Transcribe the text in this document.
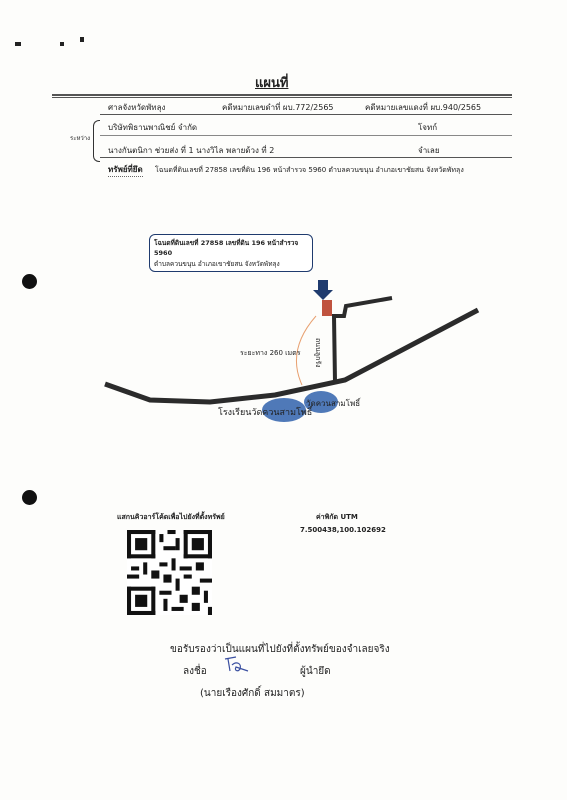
แผนที่
ศาลจังหวัดพัทลุง	คดีหมายเลขดำที่ ผบ.772/2565	คดีหมายเลขแดงที่ ผบ.940/2565
ระหว่าง
บริษัทพิธานพาณิชย์ จำกัด	โจทก์
นางกันตนิกา ช่วยส่ง ที่ 1 นางวิไล พลายด้วง ที่ 2	จำเลย
ทรัพย์ที่ยึด โฉนดที่ดินเลขที่ 27858 เลขที่ดิน 196 หน้าสำรวจ 5960 ตำบลควนขนุน อำเภอเขาชัยสน จังหวัดพัทลุง
โฉนดที่ดินเลขที่ 27858 เลขที่ดิน 196 หน้าสำรวจ 5960
ตำบลควนขนุน อำเภอเขาชัยสน จังหวัดพัทลุง
ระยะทาง 260 เมตร ถนนลูกรัง
โรงเรียนวัดควนสามโพธิ์
วัดควนสามโพธิ์
แสกนคิวอาร์โค้ดเพื่อไปยังที่ตั้งทรัพย์	ค่าพิกัด UTM
7.500438,100.102692
ขอรับรองว่าเป็นแผนที่ไปยังที่ตั้งทรัพย์ของจำเลยจริง
ลงชื่อ	ผู้นำยึด
(นายเรืองศักดิ์ สมมาตร)
